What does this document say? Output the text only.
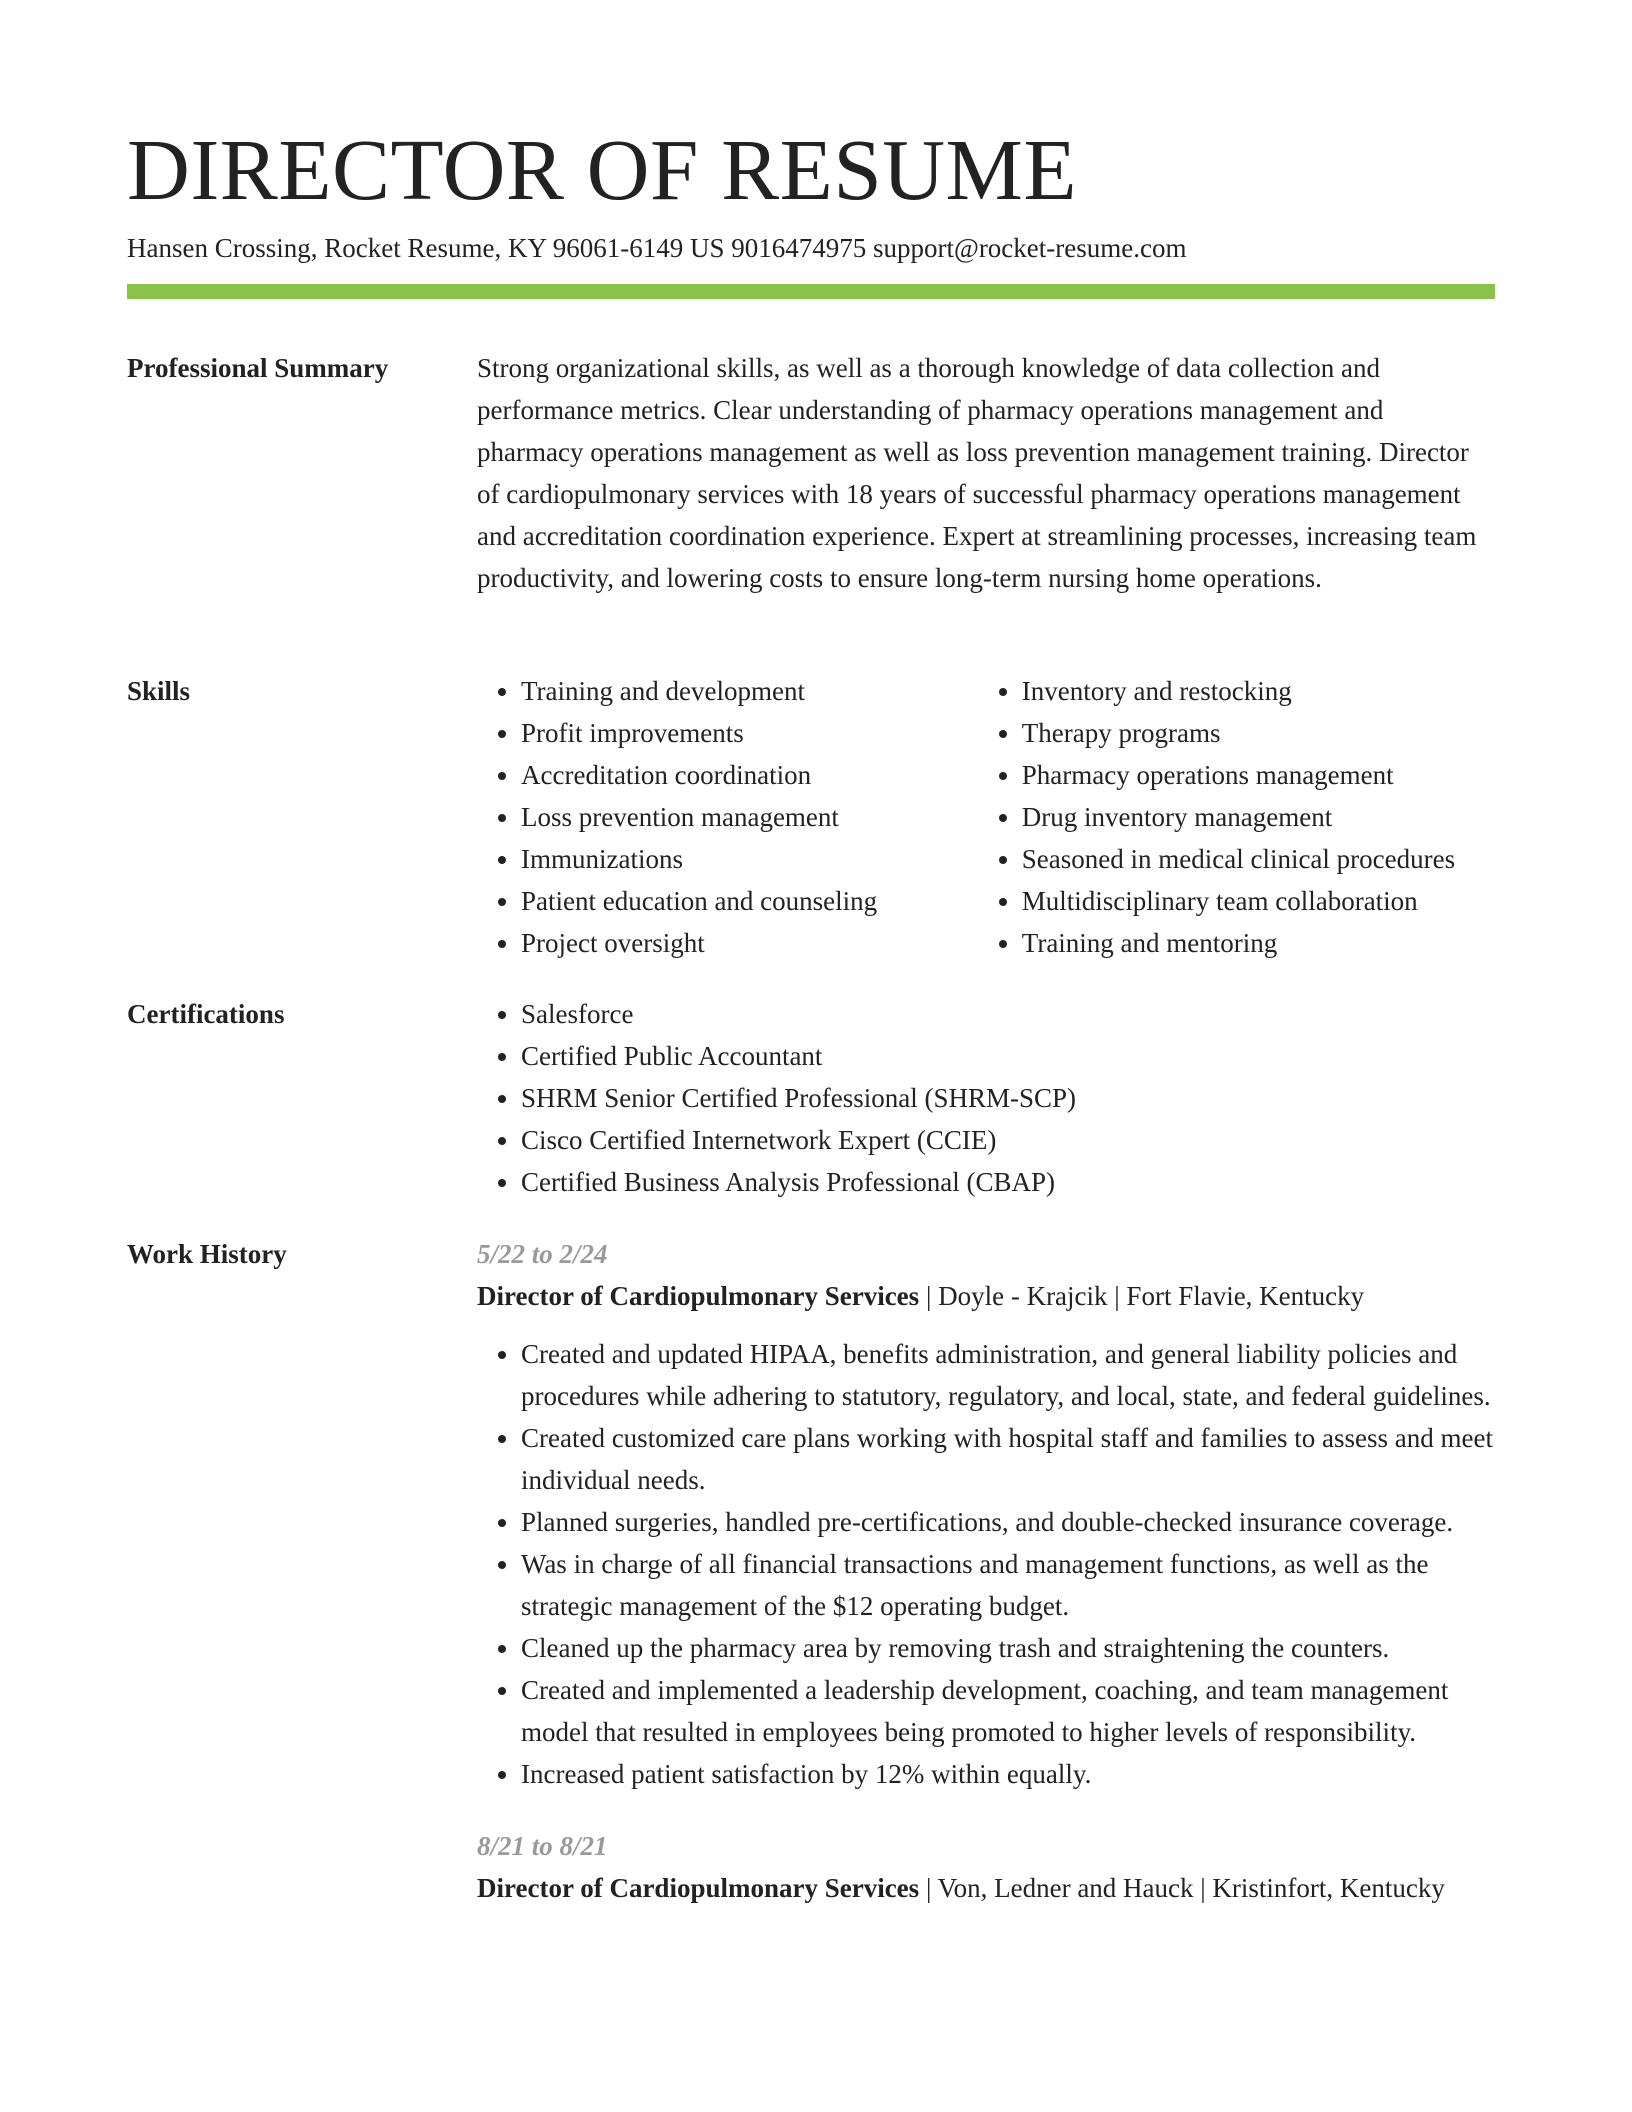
DIRECTOR OF RESUME
Hansen Crossing, Rocket Resume, KY 96061-6149 US 9016474975 support@rocket-resume.com
Professional Summary	Strong organizational skills, as well as a thorough knowledge of data collection and performance metrics. Clear understanding of pharmacy operations management and pharmacy operations management as well as loss prevention management training. Director of cardiopulmonary services with 18 years of successful pharmacy operations management and accreditation coordination experience. Expert at streamlining processes, increasing team productivity, and lowering costs to ensure long-term nursing home operations.

Skills	• Training and development
• Profit improvements
• Accreditation coordination
• Loss prevention management
• Immunizations
• Patient education and counseling
• Project oversight
• Inventory and restocking
• Therapy programs
• Pharmacy operations management
• Drug inventory management
• Seasoned in medical clinical procedures
• Multidisciplinary team collaboration
• Training and mentoring
Certifications	• Salesforce
• Certified Public Accountant
• SHRM Senior Certified Professional (SHRM-SCP)
• Cisco Certified Internetwork Expert (CCIE)
• Certified Business Analysis Professional (CBAP)
Work History	5/22 to 2/24
Director of Cardiopulmonary Services | Doyle - Krajcik | Fort Flavie, Kentucky
• Created and updated HIPAA, benefits administration, and general liability policies and procedures while adhering to statutory, regulatory, and local, state, and federal guidelines.
• Created customized care plans working with hospital staff and families to assess and meet individual needs.
• Planned surgeries, handled pre-certifications, and double-checked insurance coverage.
• Was in charge of all financial transactions and management functions, as well as the strategic management of the $12 operating budget.
• Cleaned up the pharmacy area by removing trash and straightening the counters.
• Created and implemented a leadership development, coaching, and team management model that resulted in employees being promoted to higher levels of responsibility.
• Increased patient satisfaction by 12% within equally.
8/21 to 8/21
Director of Cardiopulmonary Services | Von, Ledner and Hauck | Kristinfort, Kentucky
